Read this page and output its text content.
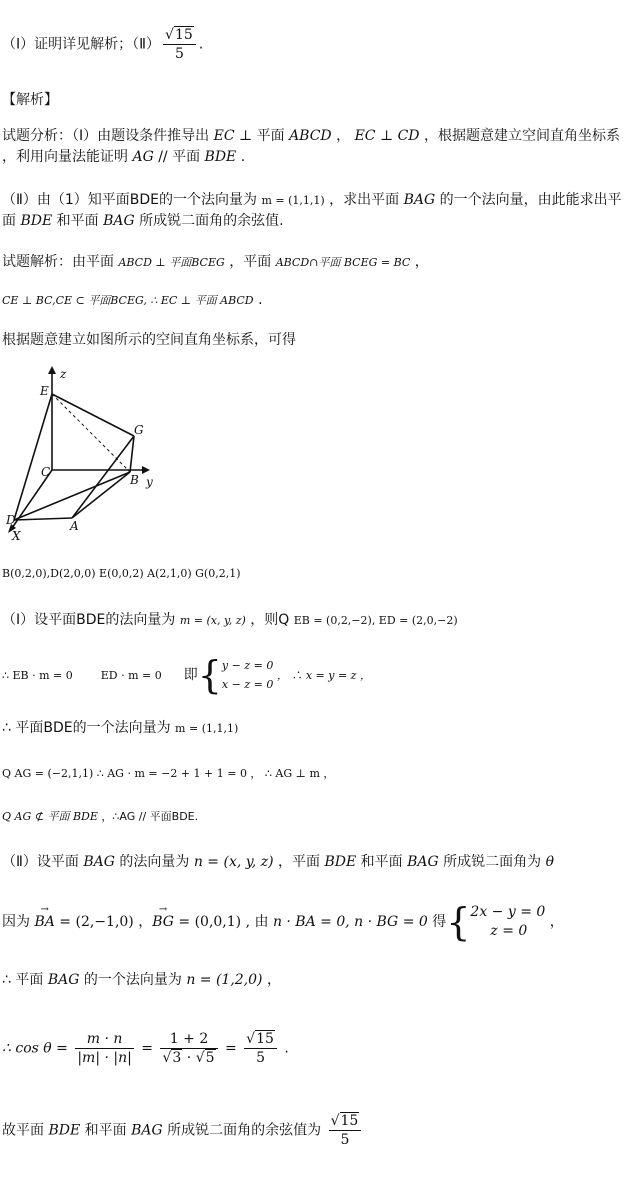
（Ⅰ）证明详见解析；（Ⅱ） $\frac{√15}{5}$ .
【解析】
试题分析：（Ⅰ）由题设条件推导出 EC ⊥ 平面 ABCD ， EC ⊥ CD ，根据题意建立空间直角坐标系
，利用向量法能证明 AG // 平面 BDE .
（Ⅱ）由（1）知平面BDE的一个法向量为 m = (1,1,1) ，求出平面 BAG 的一个法向量，由此能求出平
面 BDE 和平面 BAG 所成锐二面角的余弦值.
试题解析：由平面 ABCD ⊥ 平面BCEG ，平面 ABCD∩平面 BCEG = BC ，
CE ⊥ BC,CE ⊂ 平面BCEG, ∴ EC ⊥ 平面 ABCD .
根据题意建立如图所示的空间直角坐标系，可得
z
E
G
C
B y
D	A
X
B(0,2,0),D(2,0,0) E(0,0,2) A(2,1,0) G(0,2,1)
（Ⅰ）设平面BDE的法向量为 m = (x, y, z) ，则Q EB = (0,2,−2), ED = (2,0,−2)
∴ EB · m = 0	ED · m = 0 即{ y − z = 0
x − z = 0
， ∴ x = y = z ，
∴ 平面BDE的一个法向量为 m = (1,1,1)
Q AG = (−2,1,1) ∴ AG · m = −2 + 1 + 1 = 0 ， ∴ AG ⊥ m ，
Q AG ⊄ 平面 BDE ，∴AG // 平面BDE.
（Ⅱ）设平面 BAG 的法向量为 n = (x, y, z) ，平面 BDE 和平面 BAG 所成锐二面角为 θ
因为 → BA = (2,−1,0) ，→ BG = (0,0,1) , 由 n · BA = 0, n · BG = 0 得{ 2x − y = 0
z = 0
，
∴ 平面 BAG 的一个法向量为 n = (1,2,0) ，
∴ $\cos \theta = \frac{m \cdot n}{|m| \cdot |n|} = \frac{1 + 2}{√3 \cdot √5} = \frac{√15}{5}$ .
故平面 BDE 和平面 BAG 所成锐二面角的余弦值为 $\frac{√15}{5}$
